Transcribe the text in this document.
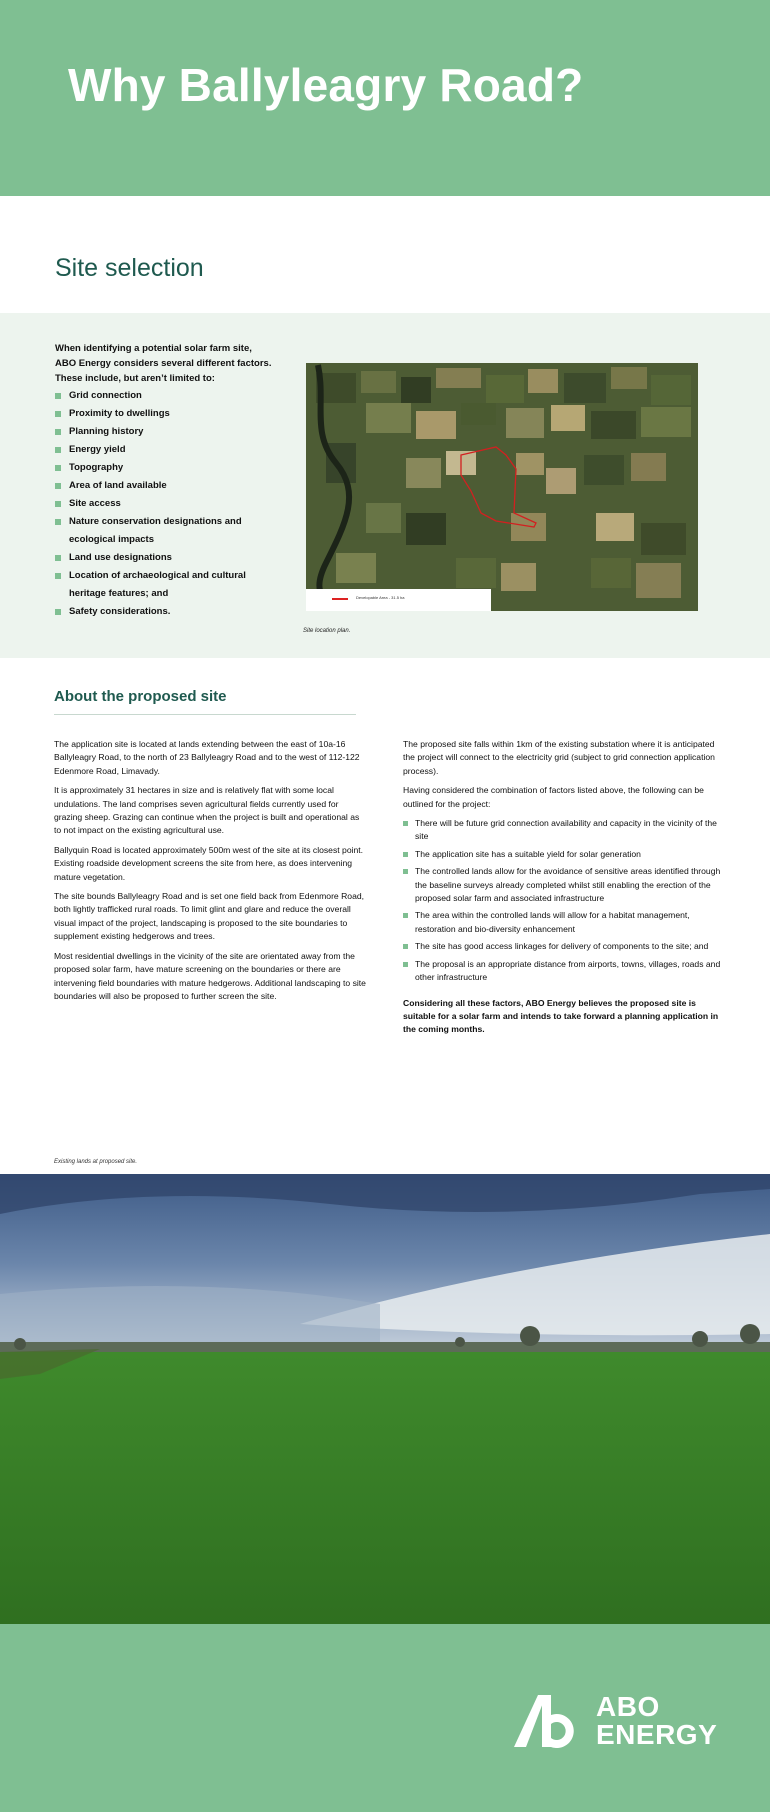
Why Ballyleagry Road?
Site selection
When identifying a potential solar farm site,
ABO Energy considers several different factors.
These include, but aren’t limited to:
Grid connection
Proximity to dwellings
Planning history
Energy yield
Topography
Area of land available
Site access
Nature conservation designations and ecological impacts
Land use designations
Location of archaeological and cultural heritage features; and
Safety considerations.
Developable Area - 31.5 ha
Site location plan.
About the proposed site

The application site is located at lands extending between the east of 10a-16 Ballyleagry Road, to the north of 23 Ballyleagry Road and to the west of 112-122 Edenmore Road, Limavady.

It is approximately 31 hectares in size and is relatively flat with some local undulations. The land comprises seven agricultural fields currently used for grazing sheep. Grazing can continue when the project is built and operational as to not impact on the existing agricultural use.

Ballyquin Road is located approximately 500m west of the site at its closest point. Existing roadside development screens the site from here, as does intervening mature vegetation.

The site bounds Ballyleagry Road and is set one field back from Edenmore Road, both lightly trafficked rural roads. To limit glint and glare and reduce the overall visual impact of the project, landscaping is proposed to the site boundaries to supplement existing hedgerows and trees.

Most residential dwellings in the vicinity of the site are orientated away from the proposed solar farm, have mature screening on the boundaries or there are intervening field boundaries with mature hedgerows. Additional landscaping to site boundaries will also be proposed to further screen the site.

The proposed site falls within 1km of the existing substation where it is anticipated the project will connect to the electricity grid (subject to grid connection application process).

Having considered the combination of factors listed above, the following can be outlined for the project:

There will be future grid connection availability and capacity in the vicinity of the site
The application site has a suitable yield for solar generation
The controlled lands allow for the avoidance of sensitive areas identified through the baseline surveys already completed whilst still enabling the erection of the proposed solar farm and associated infrastructure
The area within the controlled lands will allow for a habitat management, restoration and bio-diversity enhancement
The site has good access linkages for delivery of components to the site; and
The proposal is an appropriate distance from airports, towns, villages, roads and other infrastructure

Considering all these factors, ABO Energy believes the proposed site is suitable for a solar farm and intends to take forward a planning application in the coming months.

Existing lands at proposed site.
ABO
ENERGY
